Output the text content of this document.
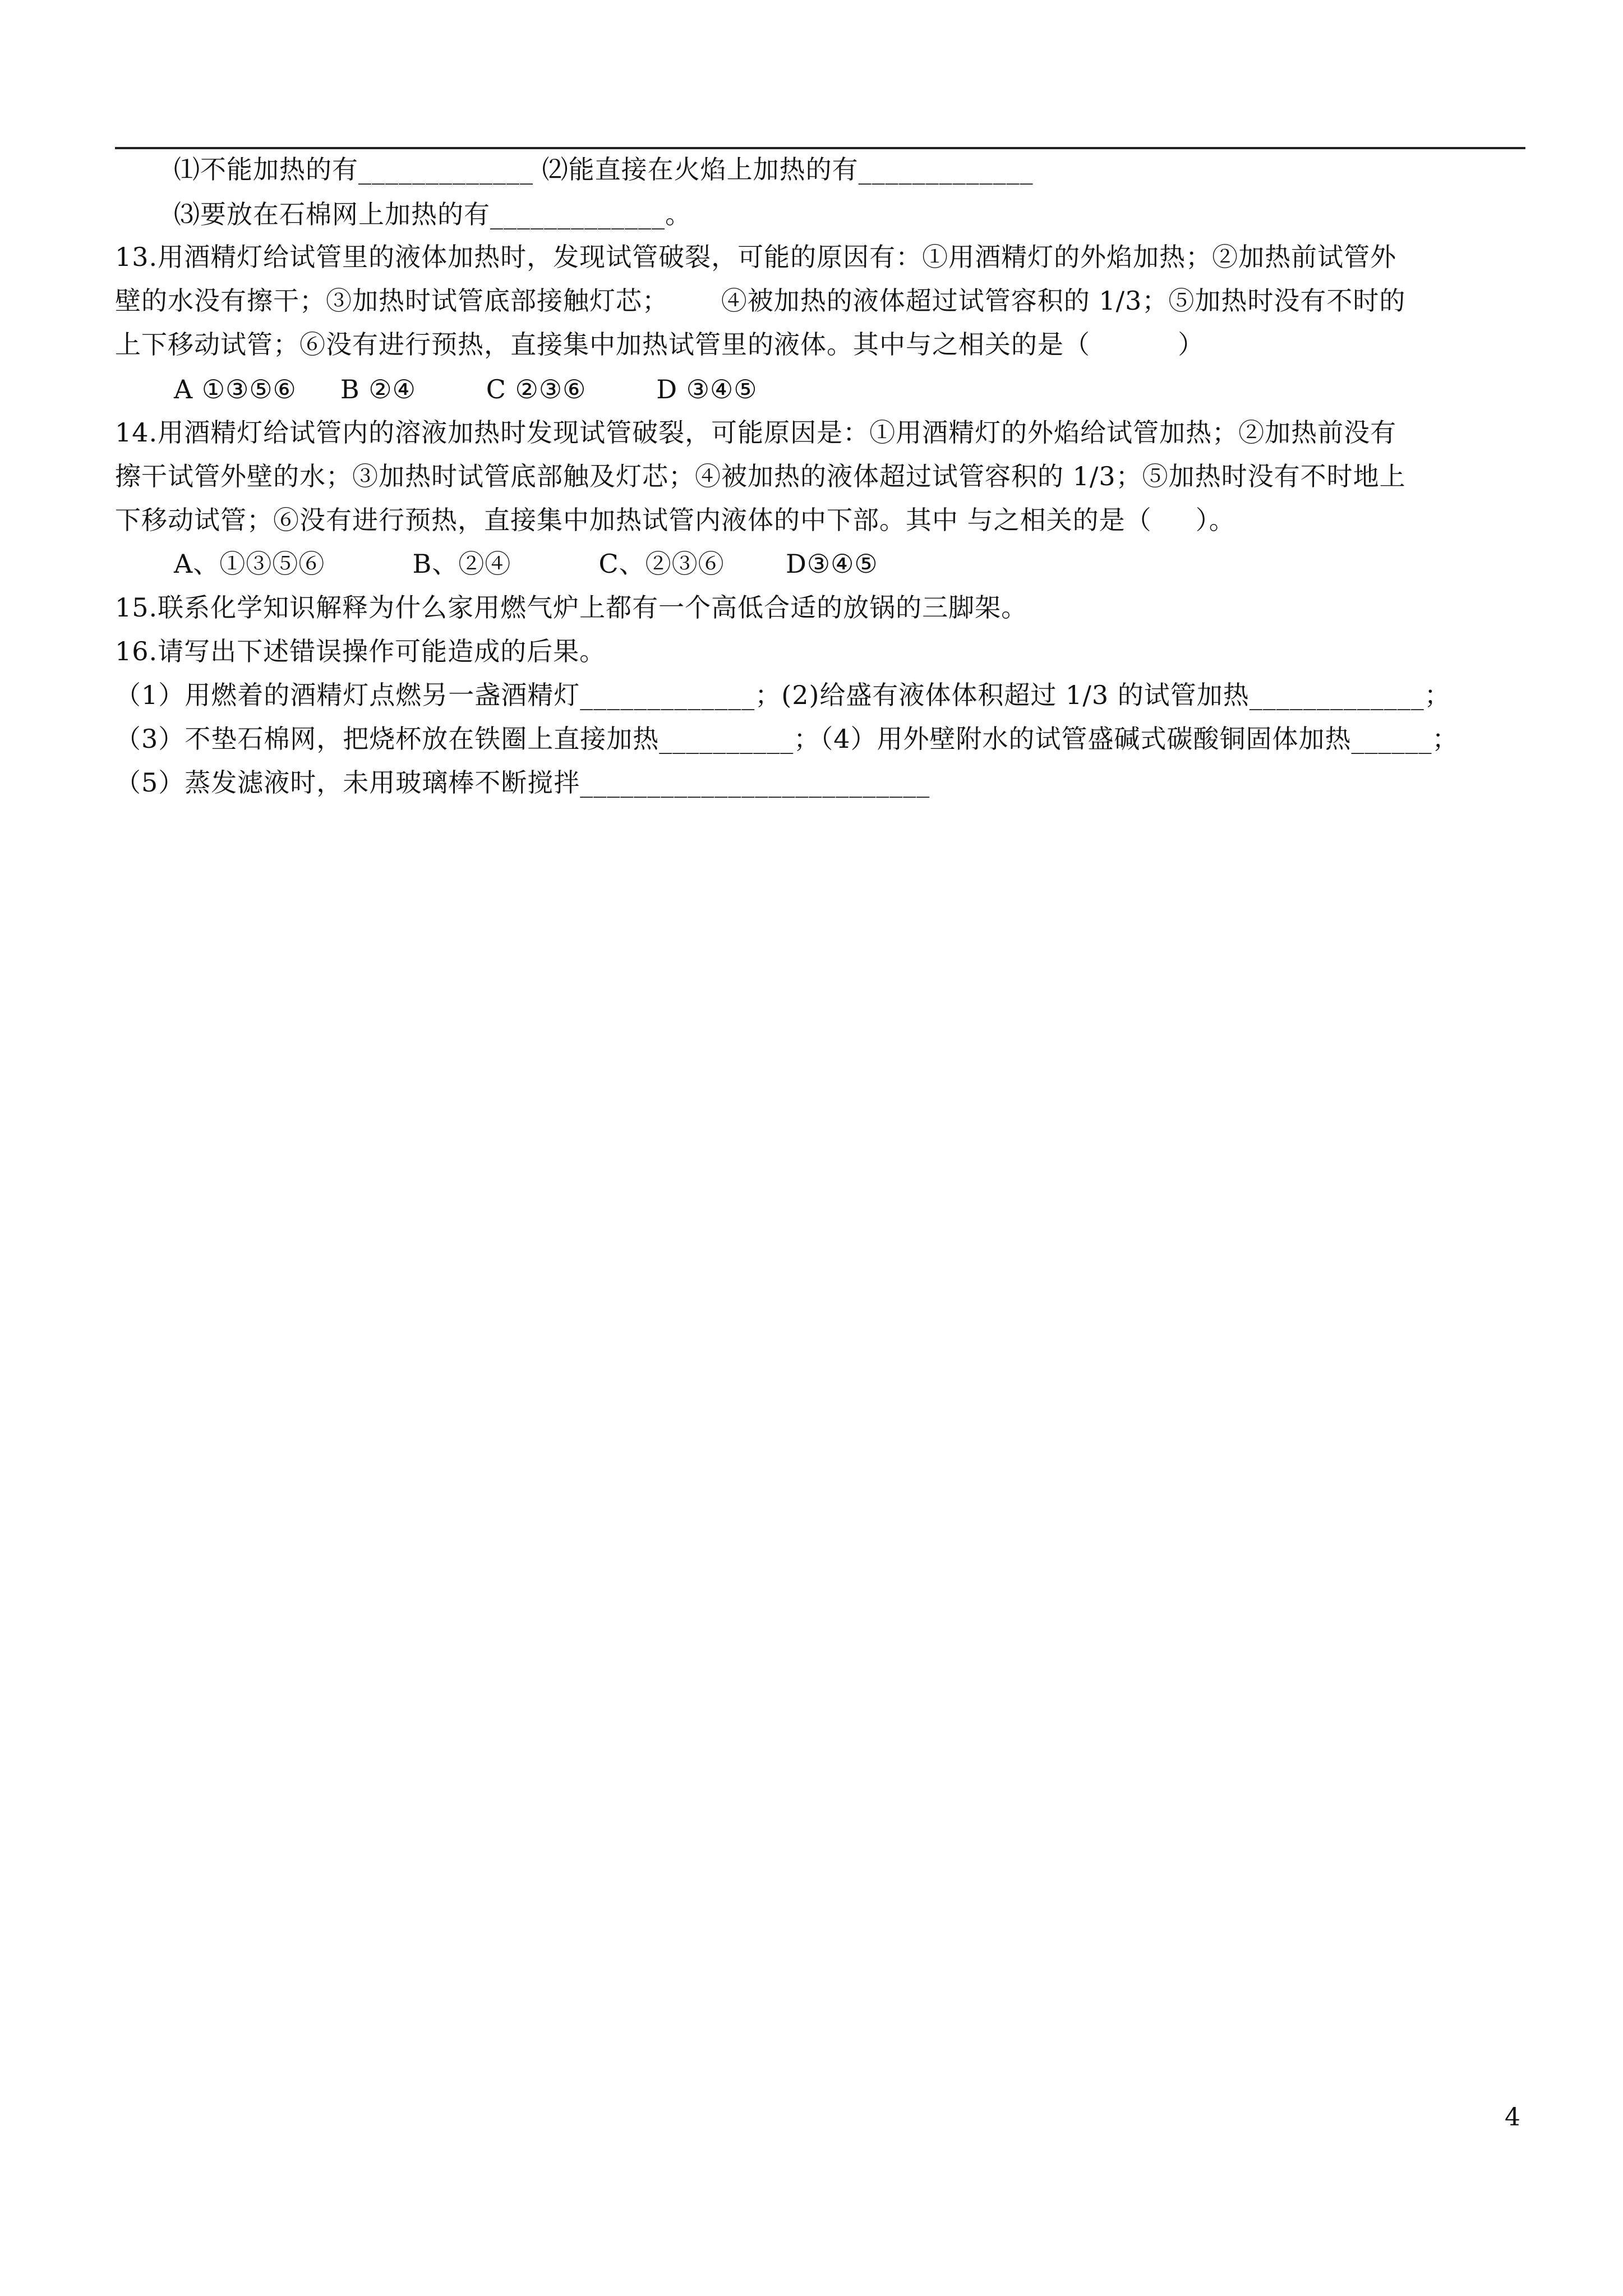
⑴不能加热的有_____________ ⑵能直接在火焰上加热的有_____________
⑶要放在石棉网上加热的有_____________。
13.用酒精灯给试管里的液体加热时，发现试管破裂，可能的原因有：①用酒精灯的外焰加热；②加热前试管外
壁的水没有擦干；③加热时试管底部接触灯芯；      ④被加热的液体超过试管容积的 1/3；⑤加热时没有不时的
上下移动试管；⑥没有进行预热，直接集中加热试管里的液体。其中与之相关的是（          ）
A ①③⑤⑥     B ②④        C ②③⑥        D ③④⑤
14.用酒精灯给试管内的溶液加热时发现试管破裂，可能原因是：①用酒精灯的外焰给试管加热；②加热前没有
擦干试管外壁的水；③加热时试管底部触及灯芯；④被加热的液体超过试管容积的 1/3；⑤加热时没有不时地上
下移动试管；⑥没有进行预热，直接集中加热试管内液体的中下部。其中 与之相关的是（     ）。
A、①③⑤⑥          B、②④          C、②③⑥       D③④⑤
15.联系化学知识解释为什么家用燃气炉上都有一个高低合适的放锅的三脚架。
16.请写出下述错误操作可能造成的后果。
（1）用燃着的酒精灯点燃另一盏酒精灯_____________；(2)给盛有液体体积超过 1/3 的试管加热_____________；
（3）不垫石棉网，把烧杯放在铁圈上直接加热__________；（4）用外壁附水的试管盛碱式碳酸铜固体加热______；
（5）蒸发滤液时，未用玻璃棒不断搅拌__________________________
4
